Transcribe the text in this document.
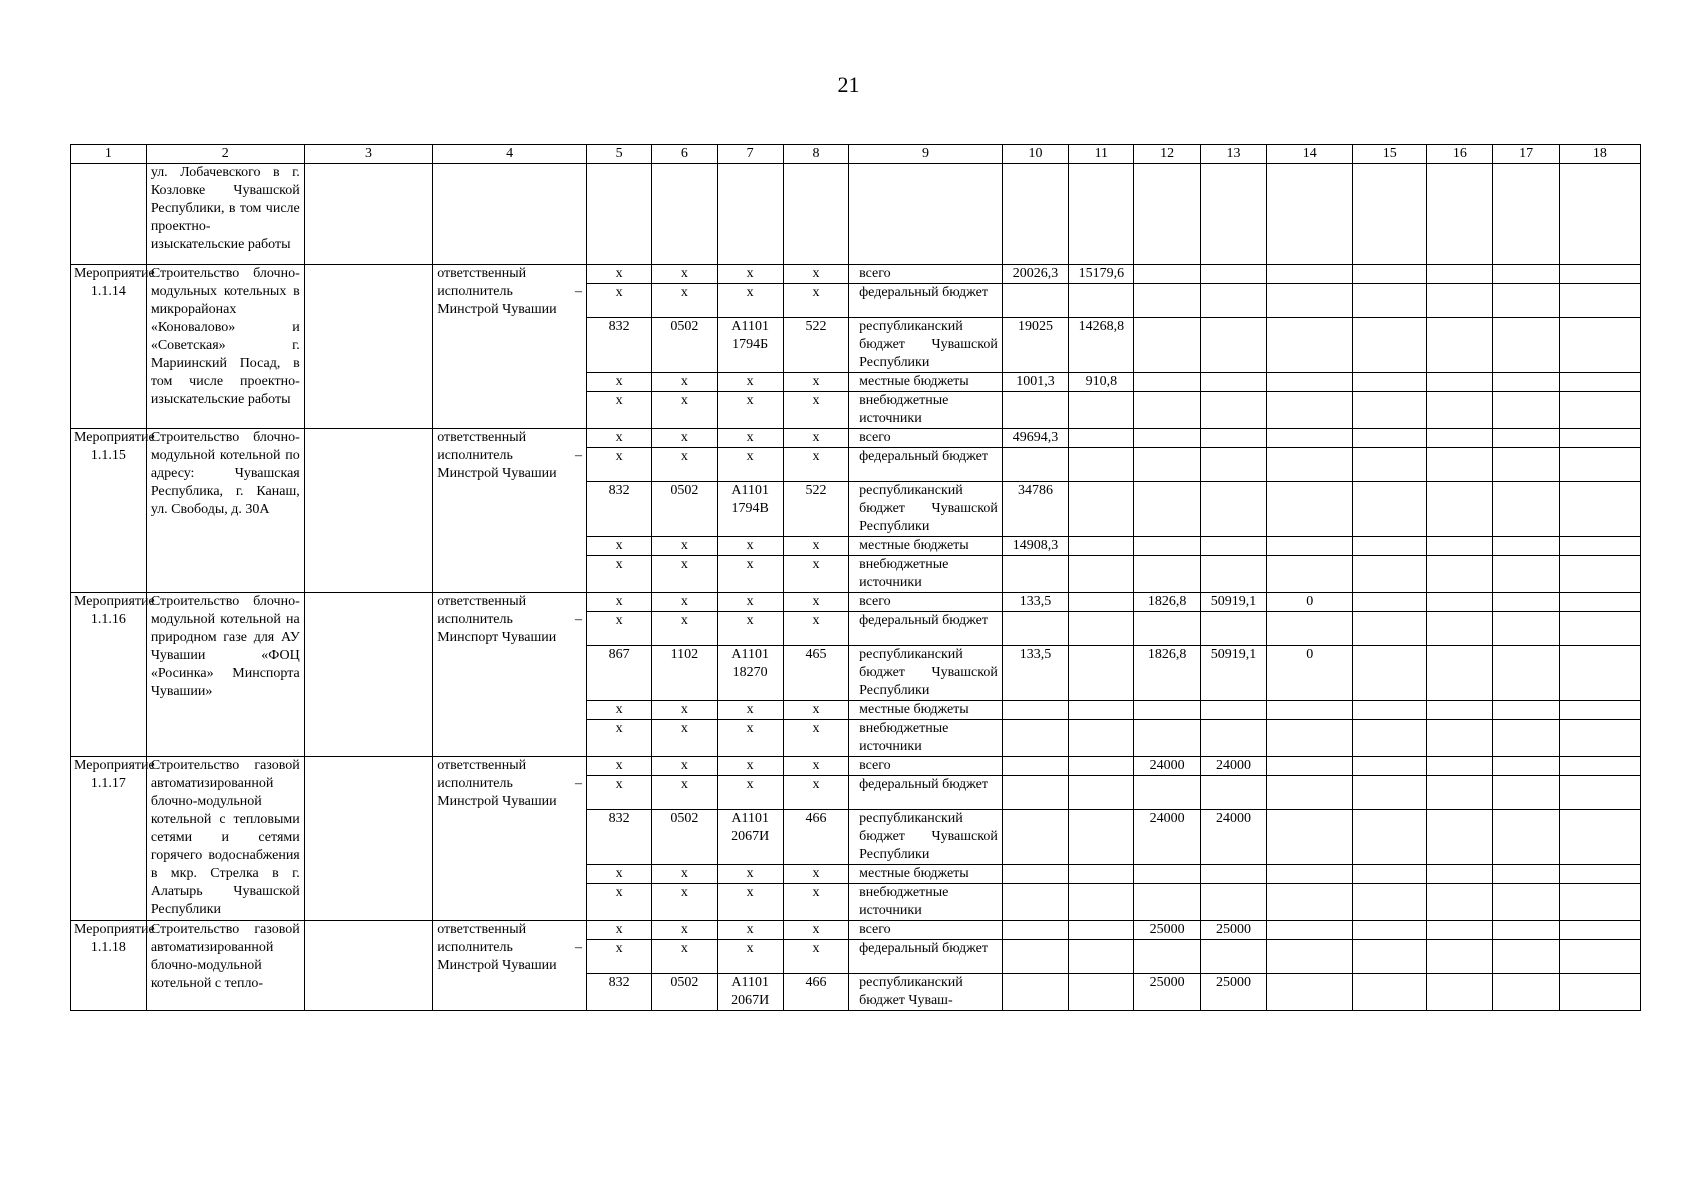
21
1	2	3	4	5	6	7	8	9	10	11	12	13	14	15	16	17	18
	ул. Лобачевского в г. Козловке Чувашской Республики, в том числе проектно-изыскательские работы																
Мероприятие 1.1.14	Строительство блочно-модульных котельных в микрорайонах «Коновалово» и «Советская» г. Мариинский Посад, в том числе проектно-изыскательские работы		ответственный исполнитель – Минстрой Чувашии	x	x	x	x	всего	20026,3	15179,6							
				x	x	x	x	федеральный бюджет									
				832	0502	А1101 1794Б	522	республиканский бюджет Чувашской Республики	19025	14268,8							
				x	x	x	x	местные бюджеты	1001,3	910,8							
				x	x	x	x	внебюджетные источники									
Мероприятие 1.1.15	Строительство блочно-модульной котельной по адресу: Чувашская Республика, г. Канаш, ул. Свободы, д. 30А		ответственный исполнитель – Минстрой Чувашии	x	x	x	x	всего	49694,3								
				x	x	x	x	федеральный бюджет									
				832	0502	А1101 1794В	522	республиканский бюджет Чувашской Республики	34786								
				x	x	x	x	местные бюджеты	14908,3								
				x	x	x	x	внебюджетные источники									
Мероприятие 1.1.16	Строительство блочно-модульной котельной на природном газе для АУ Чувашии «ФОЦ «Росинка» Минспорта Чувашии»		ответственный исполнитель – Минспорт Чувашии	x	x	x	x	всего	133,5		1826,8	50919,1	0				
				x	x	x	x	федеральный бюджет									
				867	1102	А1101 18270	465	республиканский бюджет Чувашской Республики	133,5		1826,8	50919,1	0				
				x	x	x	x	местные бюджеты									
				x	x	x	x	внебюджетные источники									
Мероприятие 1.1.17	Строительство газовой автоматизированной блочно-модульной котельной с тепловыми сетями и сетями горячего водоснабжения в мкр. Стрелка в г. Алатырь Чувашской Республики		ответственный исполнитель – Минстрой Чувашии	x	x	x	x	всего			24000	24000					
				x	x	x	x	федеральный бюджет									
				832	0502	А1101 2067И	466	республиканский бюджет Чувашской Республики			24000	24000					
				x	x	x	x	местные бюджеты									
				x	x	x	x	внебюджетные источники									
Мероприятие 1.1.18	Строительство газовой автоматизированной блочно-модульной котельной с тепло-		ответственный исполнитель – Минстрой Чувашии	x	x	x	x	всего			25000	25000					
				x	x	x	x	федеральный бюджет									
				832	0502	А1101 2067И	466	республиканский бюджет Чуваш-			25000	25000					
